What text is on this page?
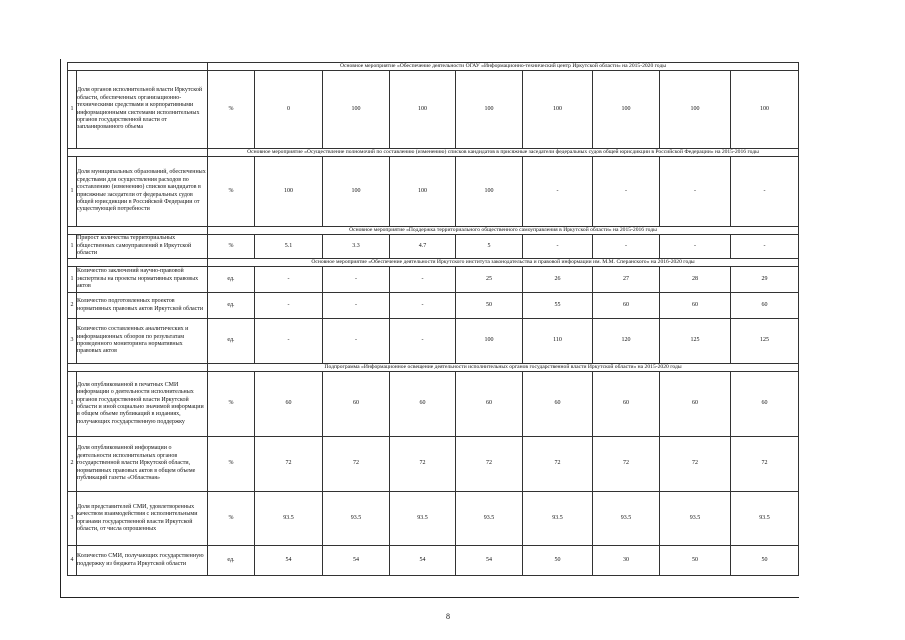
		Основное мероприятие «Обеспечение деятельности ОГАУ «Информационно-технический центр Иркутской области» на 2015-2020 годы								
1	Доля органов исполнительной власти Иркутской области, обеспеченных организационно-техническими средствами и корпоративными информационными системами исполнительных органов государственной власти от запланированного объема	%	0	100	100	100	100	100	100	100
		Основное мероприятие «Осуществление полномочий по составлению (изменению) списков кандидатов в присяжные заседатели федеральных судов общей юрисдикции в Российской Федерации» на 2015-2016 годы								
1	Доля муниципальных образований, обеспеченных средствами для осуществления расходов по составлению (изменению) списков кандидатов в присяжные заседатели от федеральных судов общей юрисдикции в Российской Федерации от существующей потребности	%	100	100	100	100	-	-	-	-
		Основное мероприятие «Поддержка территориального общественного самоуправления в Иркутской области» на 2015-2016 годы								
1	Прирост количества территориальных общественных самоуправлений в Иркутской области	%	5.1	3.3	4.7	5	-	-	-	-
		Основное мероприятие «Обеспечение деятельности Иркутского института законодательства и правовой информации им. М.М. Сперанского» на 2016-2020 годы								
1	Количество заключений научно-правовой экспертизы на проекты нормативных правовых актов	ед.	-	-	-	25	26	27	28	29
2	Количество подготовленных проектов нормативных правовых актов Иркутской области	ед.	-	-	-	50	55	60	60	60
3	Количество составленных аналитических и информационных обзоров по результатам проведенного мониторинга нормативных правовых актов	ед.	-	-	-	100	110	120	125	125
		Подпрограмма «Информационное освещение деятельности исполнительных органов государственной власти Иркутской области» на 2015-2020 годы								
1	Доля опубликованной в печатных СМИ информации о деятельности исполнительных органов государственной власти Иркутской области и иной социально значимой информации в общем объеме публикаций в изданиях, получающих государственную поддержку	%	60	60	60	60	60	60	60	60
2	Доля опубликованной информации о деятельности исполнительных органов государственной власти Иркутской области, нормативных правовых актов в общем объеме публикаций газеты «Областная»	%	72	72	72	72	72	72	72	72
3	Доля представителей СМИ, удовлетворенных качеством взаимодействия с исполнительными органами государственной власти Иркутской области, от числа опрошенных	%	93.5	93.5	93.5	93.5	93.5	93.5	93.5	93.5
4	Количество СМИ, получающих государственную поддержку из бюджета Иркутской области	ед.	54	54	54	54	50	30	50	50
8
